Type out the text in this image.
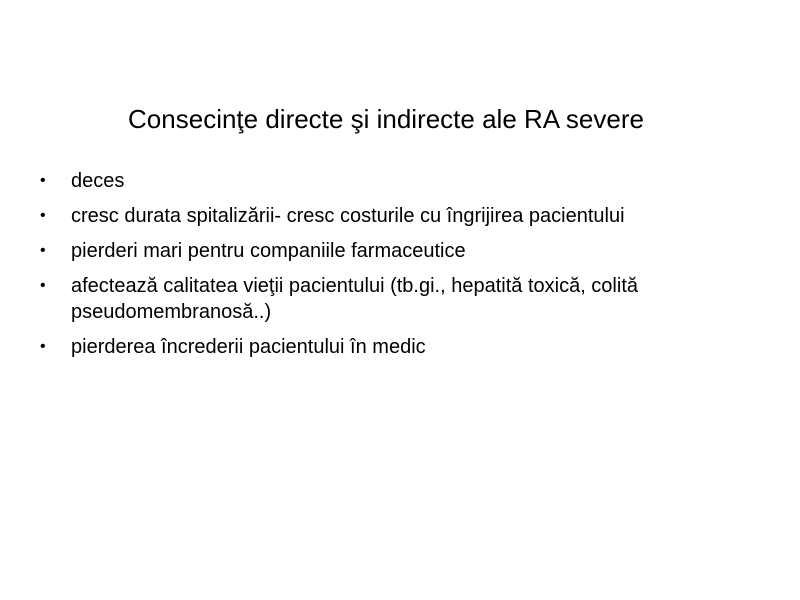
Consecinţe directe şi indirecte ale RA severe
•	deces
•	cresc durata spitalizării- cresc costurile cu îngrijirea pacientului
•	pierderi mari pentru companiile farmaceutice
•	afectează calitatea vieţii pacientului (tb.gi., hepatită toxică, colită pseudomembranosă..)
•	pierderea încrederii pacientului în medic
